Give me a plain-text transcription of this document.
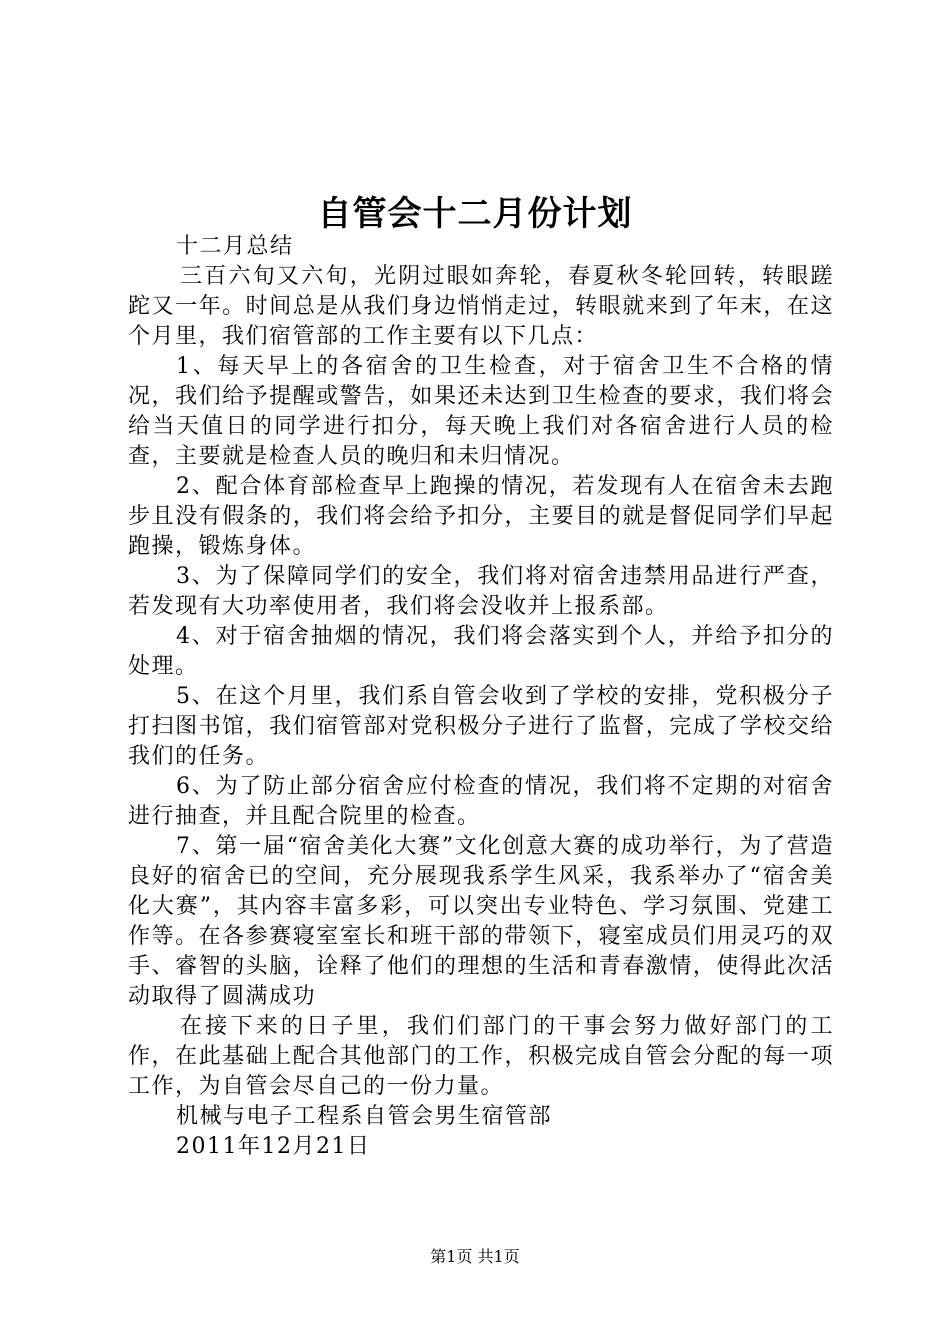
自管会十二月份计划

十二月总结

三百六旬又六旬，光阴过眼如奔轮，春夏秋冬轮回转，转眼蹉跎又一年。时间总是从我们身边悄悄走过，转眼就来到了年末，在这个月里，我们宿管部的工作主要有以下几点：

1、每天早上的各宿舍的卫生检查，对于宿舍卫生不合格的情况，我们给予提醒或警告，如果还未达到卫生检查的要求，我们将会给当天值日的同学进行扣分，每天晚上我们对各宿舍进行人员的检查，主要就是检查人员的晚归和未归情况。

2、配合体育部检查早上跑操的情况，若发现有人在宿舍未去跑步且没有假条的，我们将会给予扣分，主要目的就是督促同学们早起跑操，锻炼身体。

3、为了保障同学们的安全，我们将对宿舍违禁用品进行严查，若发现有大功率使用者，我们将会没收并上报系部。

4、对于宿舍抽烟的情况，我们将会落实到个人，并给予扣分的处理。

5、在这个月里，我们系自管会收到了学校的安排，党积极分子打扫图书馆，我们宿管部对党积极分子进行了监督，完成了学校交给我们的任务。

6、为了防止部分宿舍应付检查的情况，我们将不定期的对宿舍进行抽查，并且配合院里的检查。

7、第一届“宿舍美化大赛”文化创意大赛的成功举行，为了营造良好的宿舍已的空间，充分展现我系学生风采，我系举办了“宿舍美化大赛”，其内容丰富多彩，可以突出专业特色、学习氛围、党建工作等。在各参赛寝室室长和班干部的带领下，寝室成员们用灵巧的双手、睿智的头脑，诠释了他们的理想的生活和青春激情，使得此次活动取得了圆满成功

在接下来的日子里，我们们部门的干事会努力做好部门的工作，在此基础上配合其他部门的工作，积极完成自管会分配的每一项工作，为自管会尽自己的一份力量。

机械与电子工程系自管会男生宿管部

2011年12月21日

第1页 共1页
